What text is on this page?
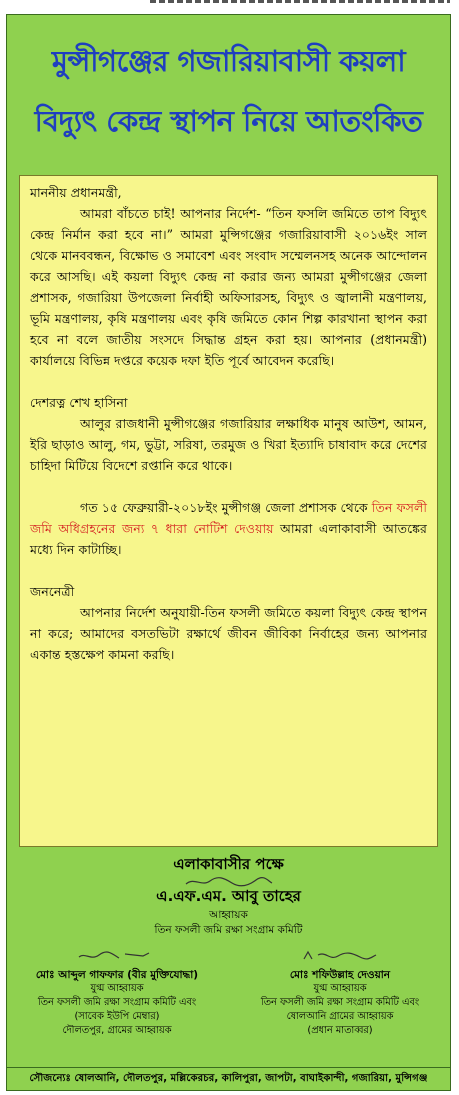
মুন্সীগঞ্জের গজারিয়াবাসী কয়লা
বিদ্যুৎ কেন্দ্র স্থাপন নিয়ে আতংকিত

মাননীয় প্রধানমন্ত্রী,

আমরা বাঁচতে চাই! আপনার নির্দেশ- “তিন ফসলি জমিতে তাপ বিদ্যুৎ কেন্দ্র নির্মান করা হবে না।” আমরা মুন্সিগঞ্জের গজারিয়াবাসী ২০১৬ইং সাল থেকে মানববন্ধন, বিক্ষোভ ও সমাবেশ এবং সংবাদ সম্মেলনসহ অনেক আন্দোলন করে আসছি। এই কয়লা বিদ্যুৎ কেন্দ্র না করার জন্য আমরা মুন্সীগঞ্জের জেলা প্রশাসক, গজারিয়া উপজেলা নির্বাহী অফিসারসহ, বিদ্যুৎ ও জ্বালানী মন্ত্রণালয়, ভূমি মন্ত্রণালয়, কৃষি মন্ত্রণালয় এবং কৃষি জমিতে কোন শিল্প কারখানা স্থাপন করা হবে না বলে জাতীয় সংসদে সিদ্ধান্ত গ্রহন করা হয়। আপনার (প্রধানমন্ত্রী) কার্যালয়ে বিভিন্ন দপ্তরে কয়েক দফা ইতি পূর্বে আবেদন করেছি।

দেশরত্ন শেখ হাসিনা

আলুর রাজধানী মুন্সীগঞ্জের গজারিয়ার লক্ষাধিক মানুষ আউশ, আমন, ইরি ছাড়াও আলু, গম, ভুট্টা, সরিষা, তরমুজ ও খিরা ইত্যাদি চাষাবাদ করে দেশের চাহিদা মিটিয়ে বিদেশে রপ্তানি করে থাকে।

গত ১৫ ফেব্রুয়ারী-২০১৮ইং মুন্সীগঞ্জ জেলা প্রশাসক থেকে তিন ফসলী জমি অধিগ্রহনের জন্য ৭ ধারা নোটিশ দেওয়ায় আমরা এলাকাবাসী আতঙ্কের মধ্যে দিন কাটাচ্ছি।

জননেত্রী

আপনার নির্দেশ অনুযায়ী-তিন ফসলী জমিতে কয়লা বিদ্যুৎ কেন্দ্র স্থাপন না করে; আমাদের বসতভিটা রক্ষার্থে জীবন জীবিকা নির্বাহের জন্য আপনার একান্ত হস্তক্ষেপ কামনা করছি।

এলাকাবাসীর পক্ষে
এ.এফ.এম. আবু তাহের
আহ্বায়ক
তিন ফসলী জমি রক্ষা সংগ্রাম কমিটি
মোঃ আব্দুল গাফফার (বীর মুক্তিযোদ্ধা)
যুগ্ম আহ্বায়ক
তিন ফসলী জমি রক্ষা সংগ্রাম কমিটি এবং
(সাবেক ইউপি মেম্বার)
দৌলতপুর, গ্রামের আহ্বায়ক
মোঃ শফিউল্লাহ দেওয়ান
যুগ্ম আহ্বায়ক
তিন ফসলী জমি রক্ষা সংগ্রাম কমিটি এবং
ষোলআনি গ্রামের আহ্বায়ক
(প্রধান মাতাব্বর)
সৌজন্যেঃ ষোলআনি, দৌলতপুর, মল্লিকেরচর, কালিপুরা, জাপটা, বাঘাইকান্দী, গজারিয়া, মুন্সিগঞ্জ
